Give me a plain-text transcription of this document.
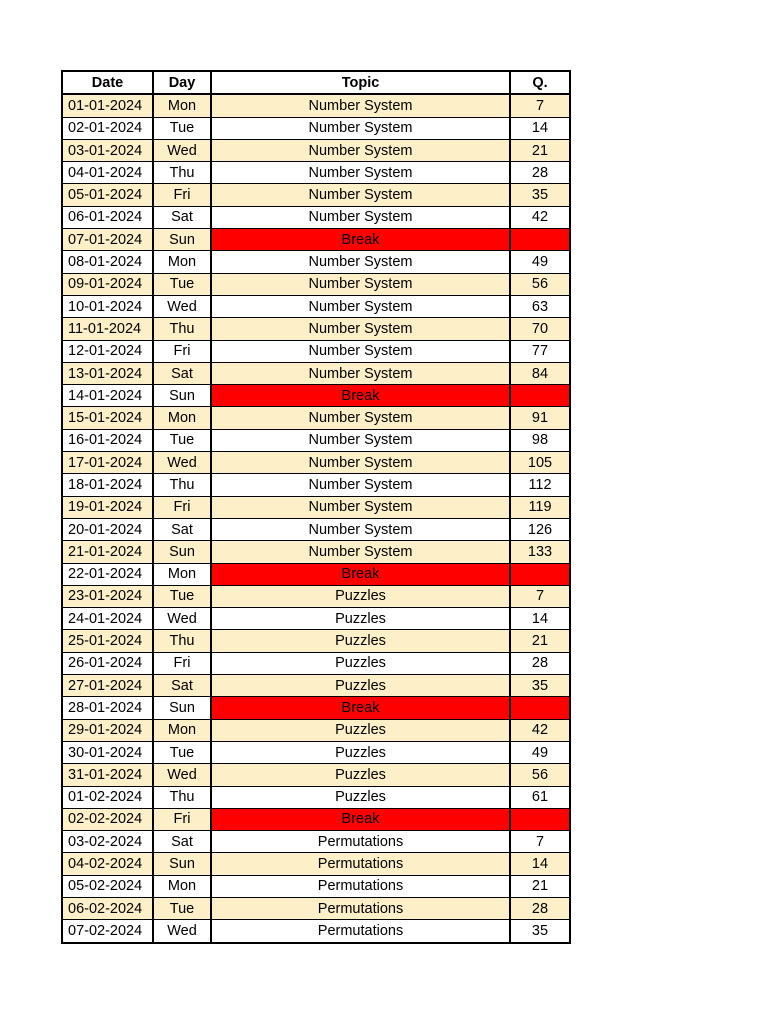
Date	Day	Topic	Q.
01-01-2024	Mon	Number System	7
02-01-2024	Tue	Number System	14
03-01-2024	Wed	Number System	21
04-01-2024	Thu	Number System	28
05-01-2024	Fri	Number System	35
06-01-2024	Sat	Number System	42
07-01-2024	Sun	Break	
08-01-2024	Mon	Number System	49
09-01-2024	Tue	Number System	56
10-01-2024	Wed	Number System	63
11-01-2024	Thu	Number System	70
12-01-2024	Fri	Number System	77
13-01-2024	Sat	Number System	84
14-01-2024	Sun	Break	
15-01-2024	Mon	Number System	91
16-01-2024	Tue	Number System	98
17-01-2024	Wed	Number System	105
18-01-2024	Thu	Number System	112
19-01-2024	Fri	Number System	119
20-01-2024	Sat	Number System	126
21-01-2024	Sun	Number System	133
22-01-2024	Mon	Break	
23-01-2024	Tue	Puzzles	7
24-01-2024	Wed	Puzzles	14
25-01-2024	Thu	Puzzles	21
26-01-2024	Fri	Puzzles	28
27-01-2024	Sat	Puzzles	35
28-01-2024	Sun	Break	
29-01-2024	Mon	Puzzles	42
30-01-2024	Tue	Puzzles	49
31-01-2024	Wed	Puzzles	56
01-02-2024	Thu	Puzzles	61
02-02-2024	Fri	Break	
03-02-2024	Sat	Permutations	7
04-02-2024	Sun	Permutations	14
05-02-2024	Mon	Permutations	21
06-02-2024	Tue	Permutations	28
07-02-2024	Wed	Permutations	35
